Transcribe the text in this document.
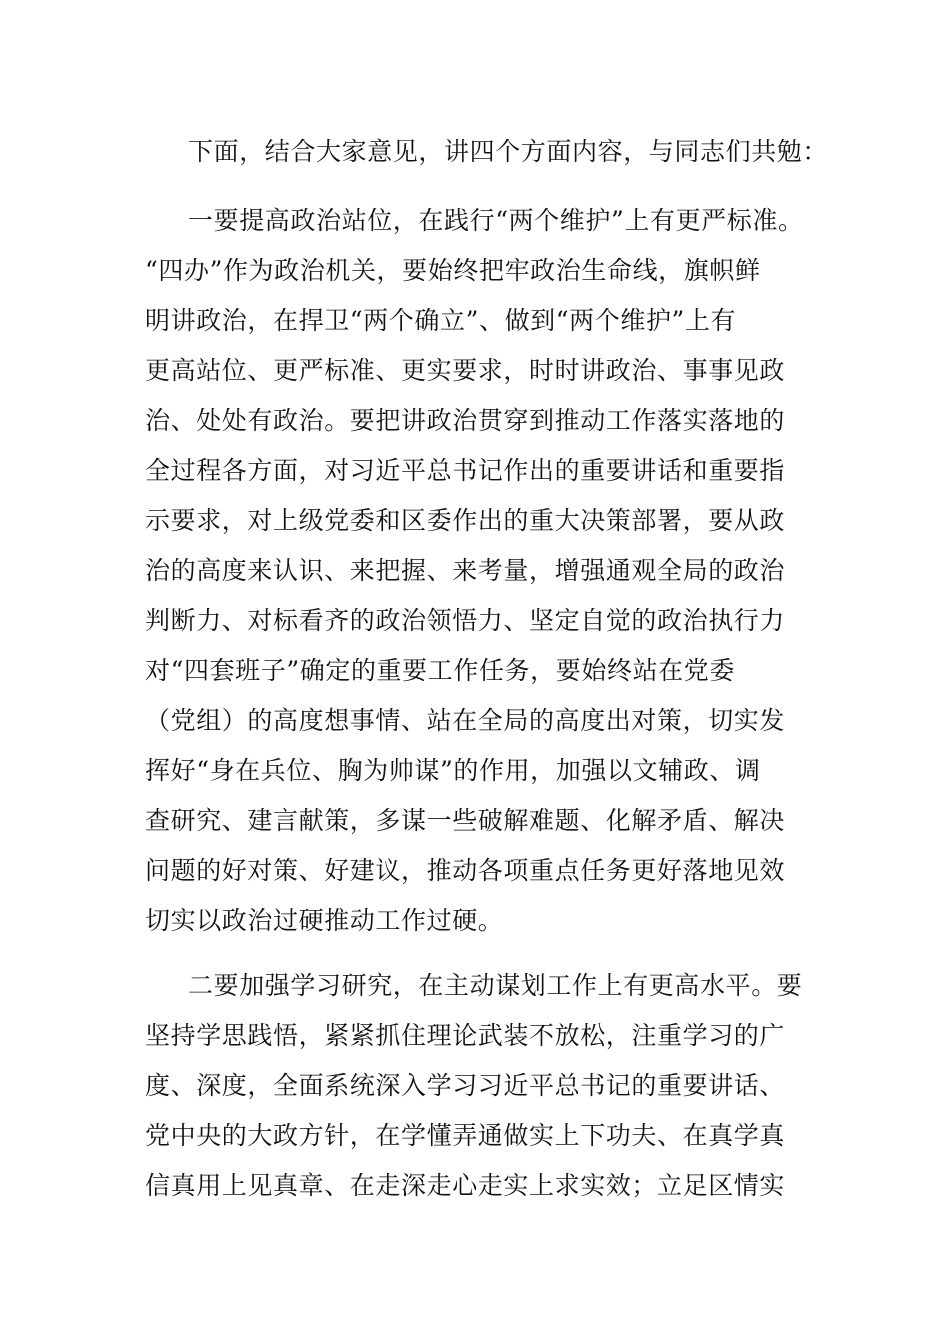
下面，结合大家意见，讲四个方面内容，与同志们共勉：
一要提高政治站位，在践行“两个维护”上有更严标准。
“四办”作为政治机关，要始终把牢政治生命线，旗帜鲜
明讲政治，在捍卫“两个确立”、做到“两个维护”上有
更高站位、更严标准、更实要求，时时讲政治、事事见政
治、处处有政治。要把讲政治贯穿到推动工作落实落地的
全过程各方面，对习近平总书记作出的重要讲话和重要指
示要求，对上级党委和区委作出的重大决策部署，要从政
治的高度来认识、来把握、来考量，增强通观全局的政治
判断力、对标看齐的政治领悟力、坚定自觉的政治执行力
对“四套班子”确定的重要工作任务，要始终站在党委
（党组）的高度想事情、站在全局的高度出对策，切实发
挥好“身在兵位、胸为帅谋”的作用，加强以文辅政、调
查研究、建言献策，多谋一些破解难题、化解矛盾、解决
问题的好对策、好建议，推动各项重点任务更好落地见效
切实以政治过硬推动工作过硬。
二要加强学习研究，在主动谋划工作上有更高水平。要
坚持学思践悟，紧紧抓住理论武装不放松，注重学习的广
度、深度，全面系统深入学习习近平总书记的重要讲话、
党中央的大政方针，在学懂弄通做实上下功夫、在真学真
信真用上见真章、在走深走心走实上求实效；立足区情实
